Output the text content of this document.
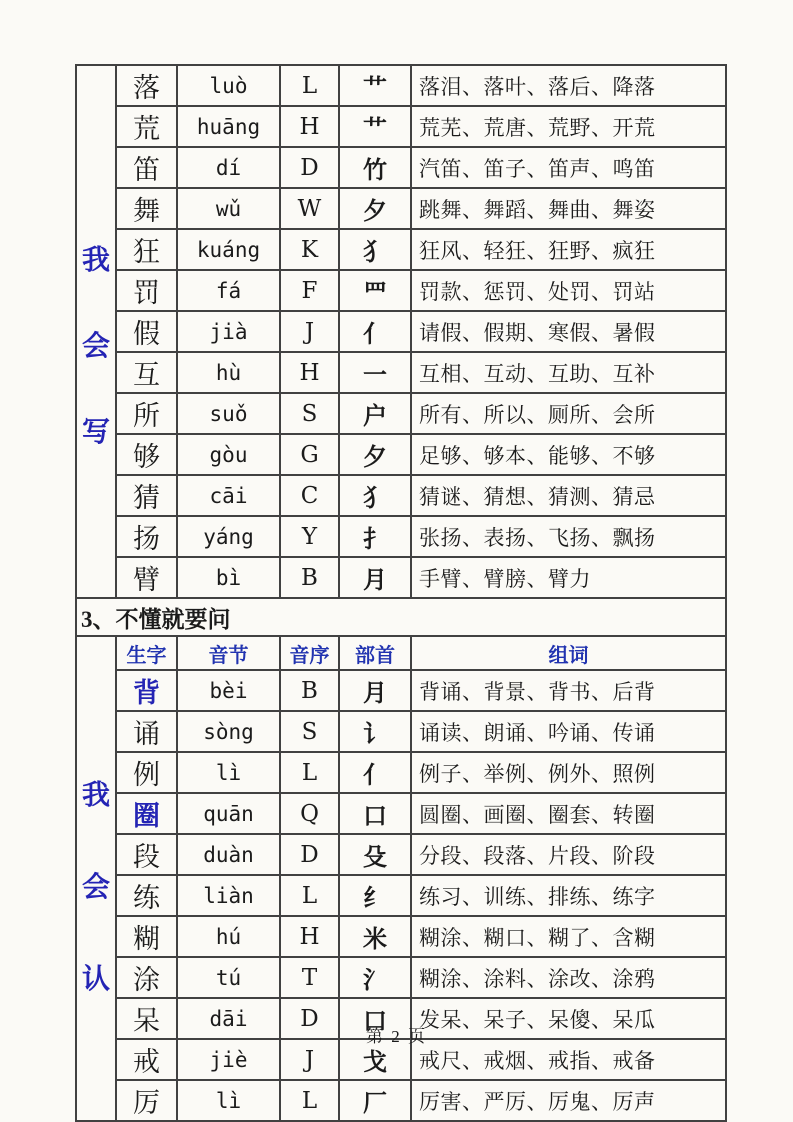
我
会
写
落	luò	L	艹	落泪、落叶、落后、降落
荒	huāng	H	艹	荒芜、荒唐、荒野、开荒
笛	dí	D	竹	汽笛、笛子、笛声、鸣笛
舞	wǔ	W	夕	跳舞、舞蹈、舞曲、舞姿
狂	kuáng	K	犭	狂风、轻狂、狂野、疯狂
罚	fá	F	罒	罚款、惩罚、处罚、罚站
假	jià	J	亻	请假、假期、寒假、暑假
互	hù	H	一	互相、互动、互助、互补
所	suǒ	S	户	所有、所以、厕所、会所
够	gòu	G	夕	足够、够本、能够、不够
猜	cāi	C	犭	猜谜、猜想、猜测、猜忌
扬	yáng	Y	扌	张扬、表扬、飞扬、飘扬
臂	bì	B	月	手臂、臂膀、臂力
3、不懂就要问
我
会
认
生字	音节	音序	部首	组词
背	bèi	B	月	背诵、背景、背书、后背
诵	sòng	S	讠	诵读、朗诵、吟诵、传诵
例	lì	L	亻	例子、举例、例外、照例
圈	quān	Q	口	圆圈、画圈、圈套、转圈
段	duàn	D	殳	分段、段落、片段、阶段
练	liàn	L	纟	练习、训练、排练、练字
糊	hú	H	米	糊涂、糊口、糊了、含糊
涂	tú	T	氵	糊涂、涂料、涂改、涂鸦
呆	dāi	D	口	发呆、呆子、呆傻、呆瓜
戒	jiè	J	戈	戒尺、戒烟、戒指、戒备
厉	lì	L	厂	厉害、严厉、厉鬼、厉声
第 2 页
